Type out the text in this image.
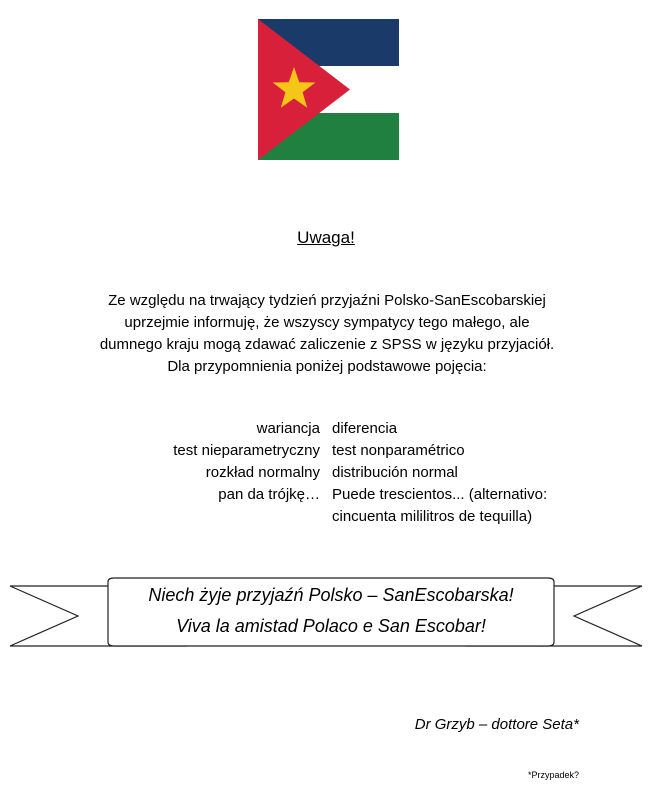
Uwaga!
Ze względu na trwający tydzień przyjaźni Polsko-SanEscobarskiej
uprzejmie informuję, że wszyscy sympatycy tego małego, ale
dumnego kraju mogą zdawać zaliczenie z SPSS w języku przyjaciół.
Dla przypomnienia poniżej podstawowe pojęcia:
wariancja diferencia
test nieparametryczny test nonparamétrico
rozkład normalny distribución normal
pan da trójkę… Puede trescientos... (alternativo:
cincuenta mililitros de tequilla)
Niech żyje przyjaźń Polsko – SanEscobarska!
Viva la amistad Polaco e San Escobar!
Dr Grzyb – dottore Seta*
*Przypadek?
